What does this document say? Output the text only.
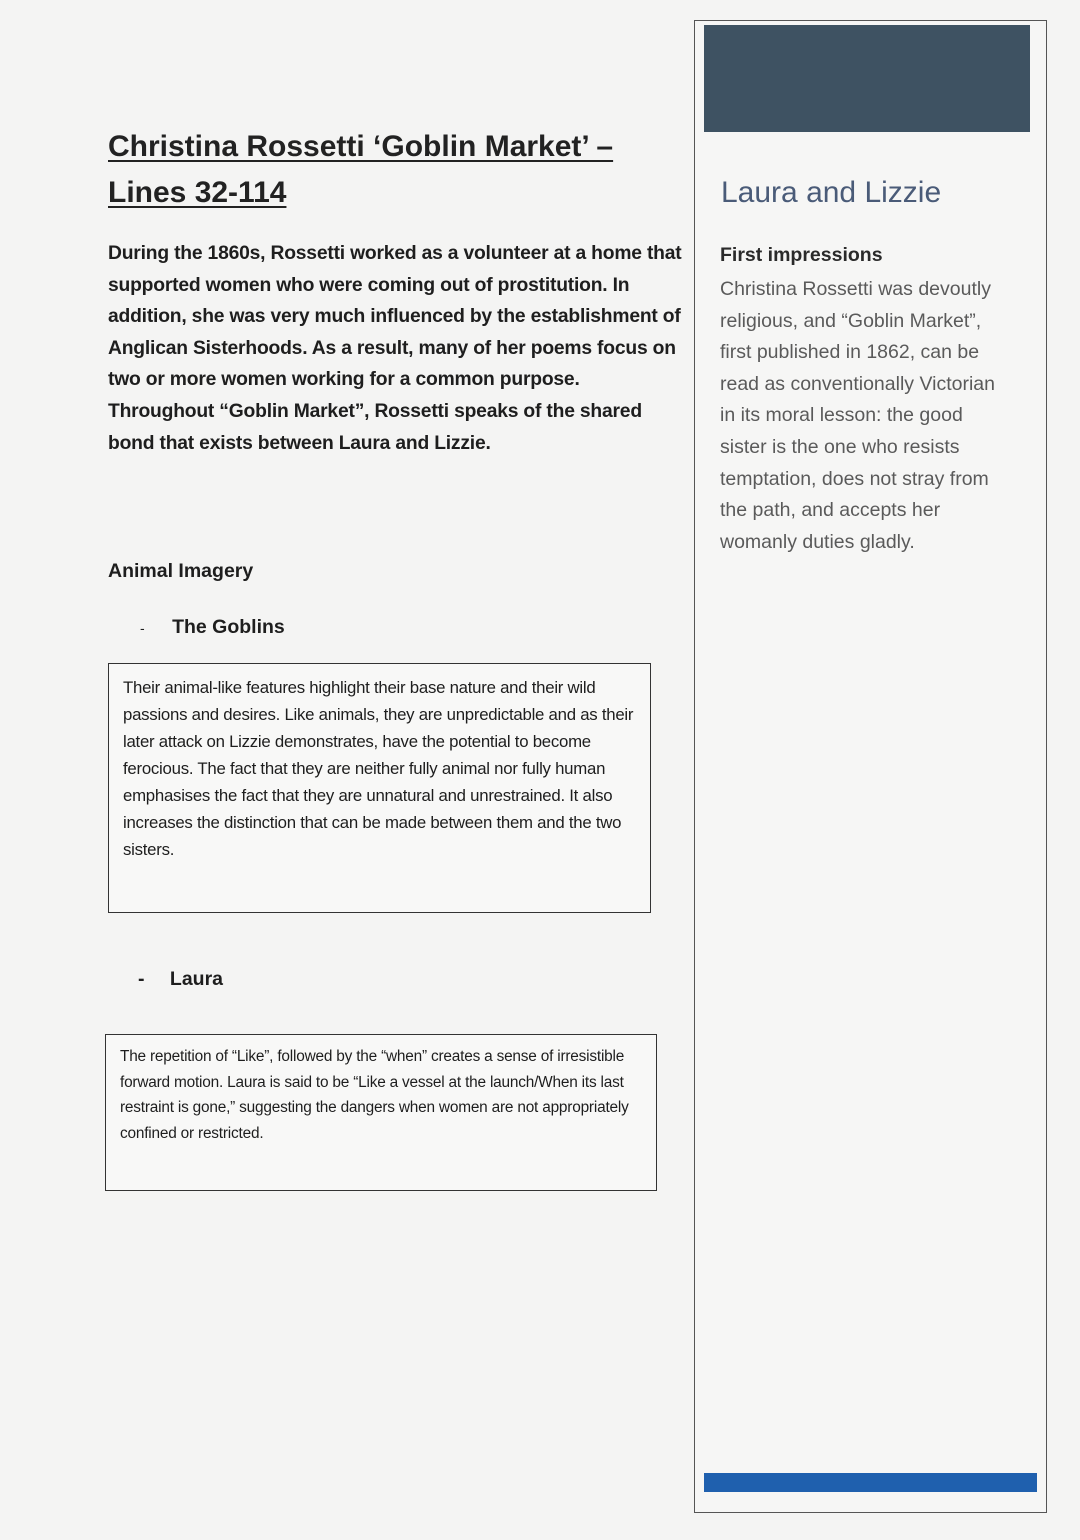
Christina Rossetti ‘Goblin Market’ –
Lines 32-114
During the 1860s, Rossetti worked as a volunteer at a home that supported women who were coming out of prostitution. In addition, she was very much influenced by the establishment of Anglican Sisterhoods. As a result, many of her poems focus on two or more women working for a common purpose. Throughout “Goblin Market”, Rossetti speaks of the shared bond that exists between Laura and Lizzie.
Animal Imagery
- The Goblins
Their animal-like features highlight their base nature and their wild passions and desires. Like animals, they are unpredictable and as their later attack on Lizzie demonstrates, have the potential to become ferocious. The fact that they are neither fully animal nor fully human emphasises the fact that they are unnatural and unrestrained. It also increases the distinction that can be made between them and the two sisters.
- Laura
The repetition of “Like”, followed by the “when” creates a sense of irresistible forward motion. Laura is said to be “Like a vessel at the launch/When its last restraint is gone,” suggesting the dangers when women are not appropriately confined or restricted.
Laura and Lizzie
First impressions
Christina Rossetti was devoutly religious, and “Goblin Market”, first published in 1862, can be read as conventionally Victorian in its moral lesson: the good sister is the one who resists temptation, does not stray from the path, and accepts her womanly duties gladly.
